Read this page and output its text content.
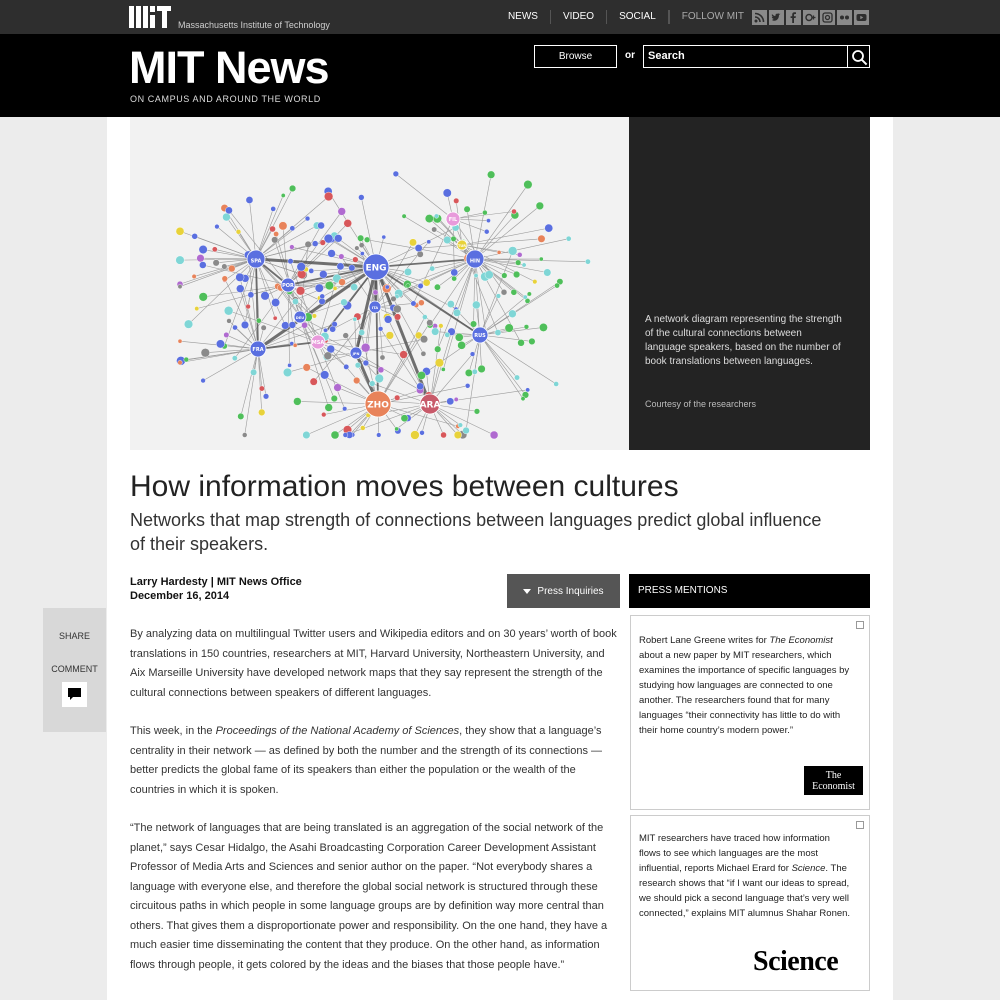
Massachusetts Institute of Technology
NEWS	VIDEO	SOCIAL	FOLLOW MIT
MIT News
ON CAMPUS AND AROUND THE WORLD
Browse	or	Search
ENG
SPA	HIN
ZHO	ARA
FRA
POR
RUS
DEU
JPN
MSA
FIL
TUR
ITA
A network diagram representing the strength of the cultural connections between language speakers, based on the number of book translations between languages.
Courtesy of the researchers
How information moves between cultures
Networks that map strength of connections between languages predict global influence of their speakers.
Larry Hardesty | MIT News Office
December 16, 2014	Press Inquiries
SHARE
COMMENT

By analyzing data on multilingual Twitter users and Wikipedia editors and on 30 years’ worth of book translations in 150 countries, researchers at MIT, Harvard University, Northeastern University, and Aix Marseille University have developed network maps that they say represent the strength of the cultural connections between speakers of different languages.

This week, in the Proceedings of the National Academy of Sciences, they show that a language’s centrality in their network — as defined by both the number and the strength of its connections — better predicts the global fame of its speakers than either the population or the wealth of the countries in which it is spoken.

“The network of languages that are being translated is an aggregation of the social network of the planet,” says Cesar Hidalgo, the Asahi Broadcasting Corporation Career Development Assistant Professor of Media Arts and Sciences and senior author on the paper. “Not everybody shares a language with everyone else, and therefore the global social network is structured through these circuitous paths in which people in some language groups are by definition way more central than others. That gives them a disproportionate power and responsibility. On the one hand, they have a much easier time disseminating the content that they produce. On the other hand, as information flows through people, it gets colored by the ideas and the biases that those people have.”

PRESS MENTIONS
Robert Lane Greene writes for The Economist about a new paper by MIT researchers, which examines the importance of specific languages by studying how languages are connected to one another. The researchers found that for many languages “their connectivity has little to do with their home country’s modern power.”
The
Economist
MIT researchers have traced how information flows to see which languages are the most influential, reports Michael Erard for Science. The research shows that “if I want our ideas to spread, we should pick a second language that’s very well connected,” explains MIT alumnus Shahar Ronen.
Science
